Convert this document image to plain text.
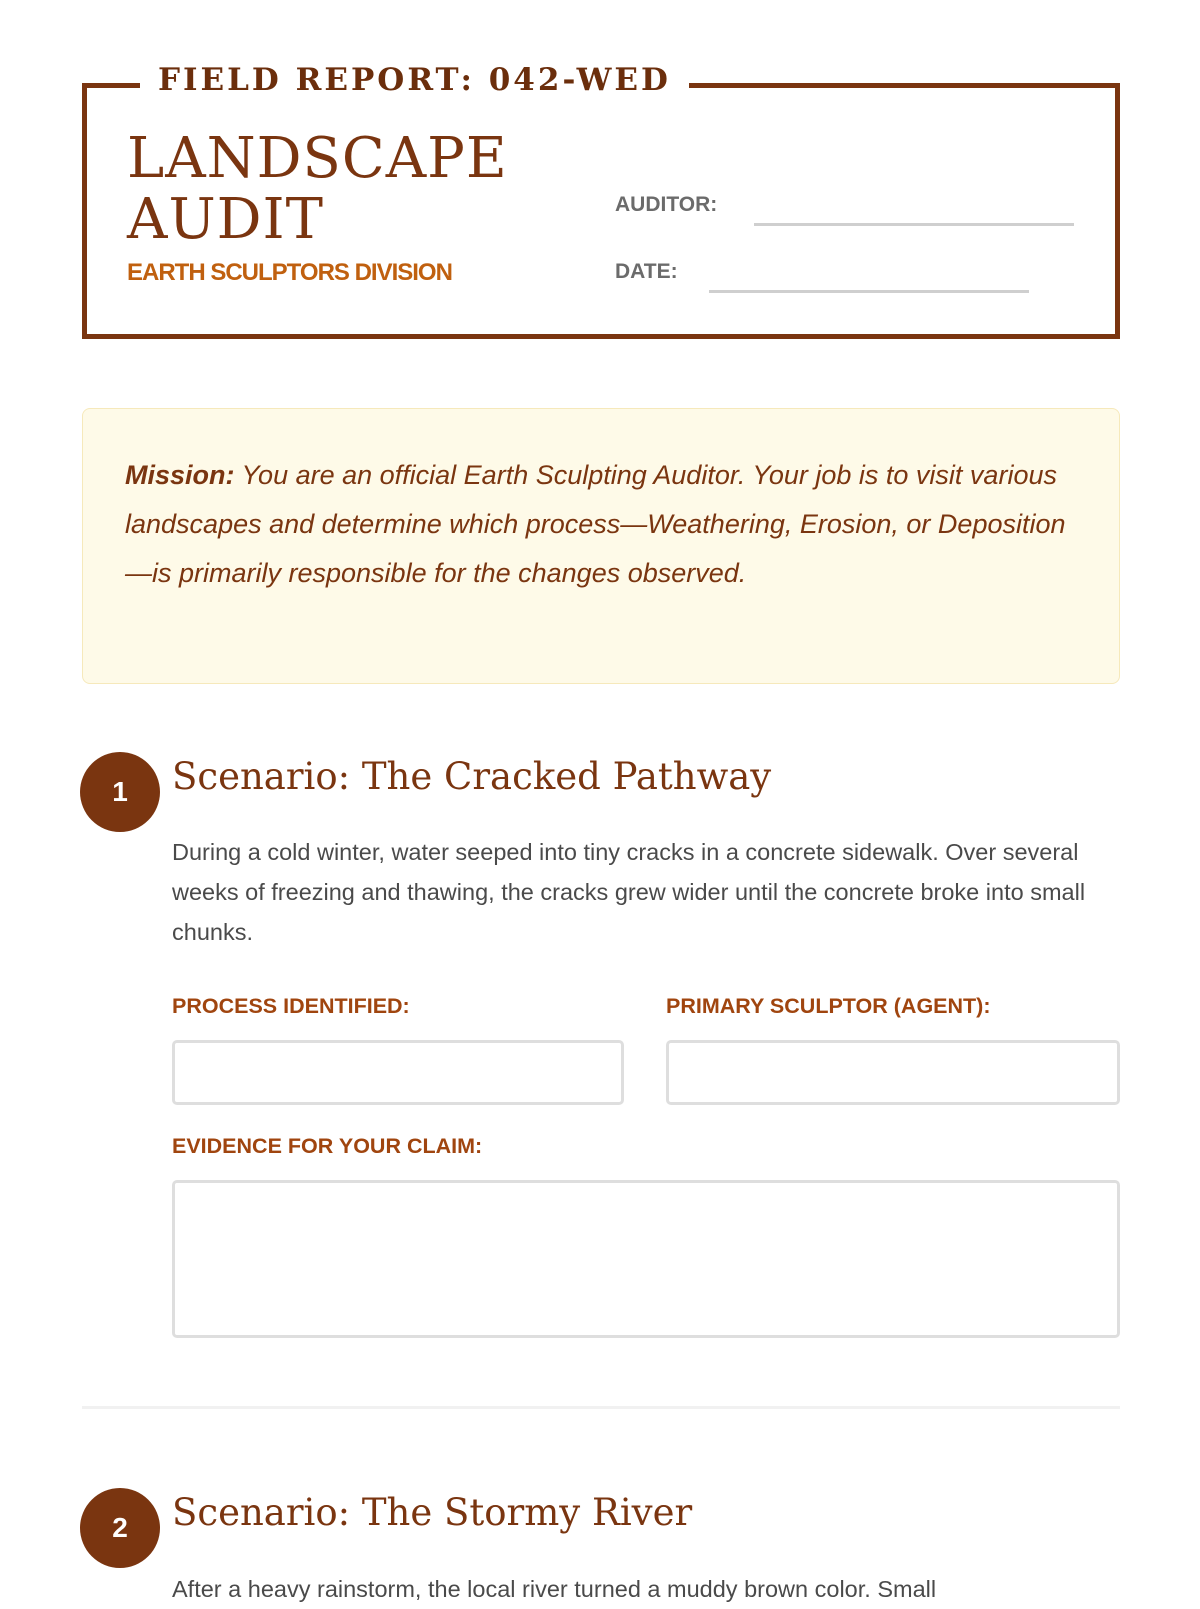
FIELD REPORT: 042-WED
LANDSCAPE
AUDIT
EARTH SCULPTORS DIVISION
AUDITOR:
DATE:
Mission: You are an official Earth Sculpting Auditor. Your job is to visit various landscapes and determine which process—Weathering, Erosion, or Deposition—is primarily responsible for the changes observed.
1	Scenario: The Cracked Pathway
During a cold winter, water seeped into tiny cracks in a concrete sidewalk. Over several weeks of freezing and thawing, the cracks grew wider until the concrete broke into small chunks.
PROCESS IDENTIFIED:	PRIMARY SCULPTOR (AGENT):
EVIDENCE FOR YOUR CLAIM:
2	Scenario: The Stormy River
After a heavy rainstorm, the local river turned a muddy brown color. Small
